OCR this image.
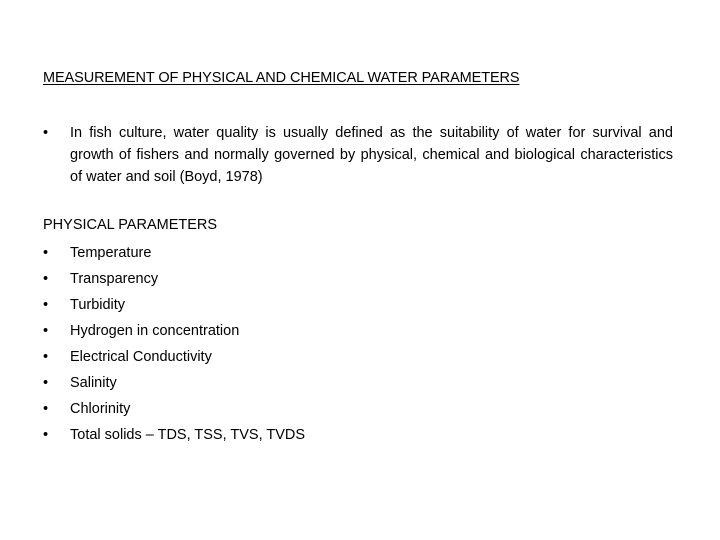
MEASUREMENT OF PHYSICAL AND CHEMICAL WATER PARAMETERS
•	In fish culture, water quality is usually defined as the suitability of water for survival and growth of fishers and normally governed by physical, chemical and biological characteristics of water and soil (Boyd, 1978)
PHYSICAL PARAMETERS
•	Temperature
•	Transparency
•	Turbidity
•	Hydrogen in concentration
•	Electrical Conductivity
•	Salinity
•	Chlorinity
•	Total solids – TDS, TSS, TVS, TVDS
